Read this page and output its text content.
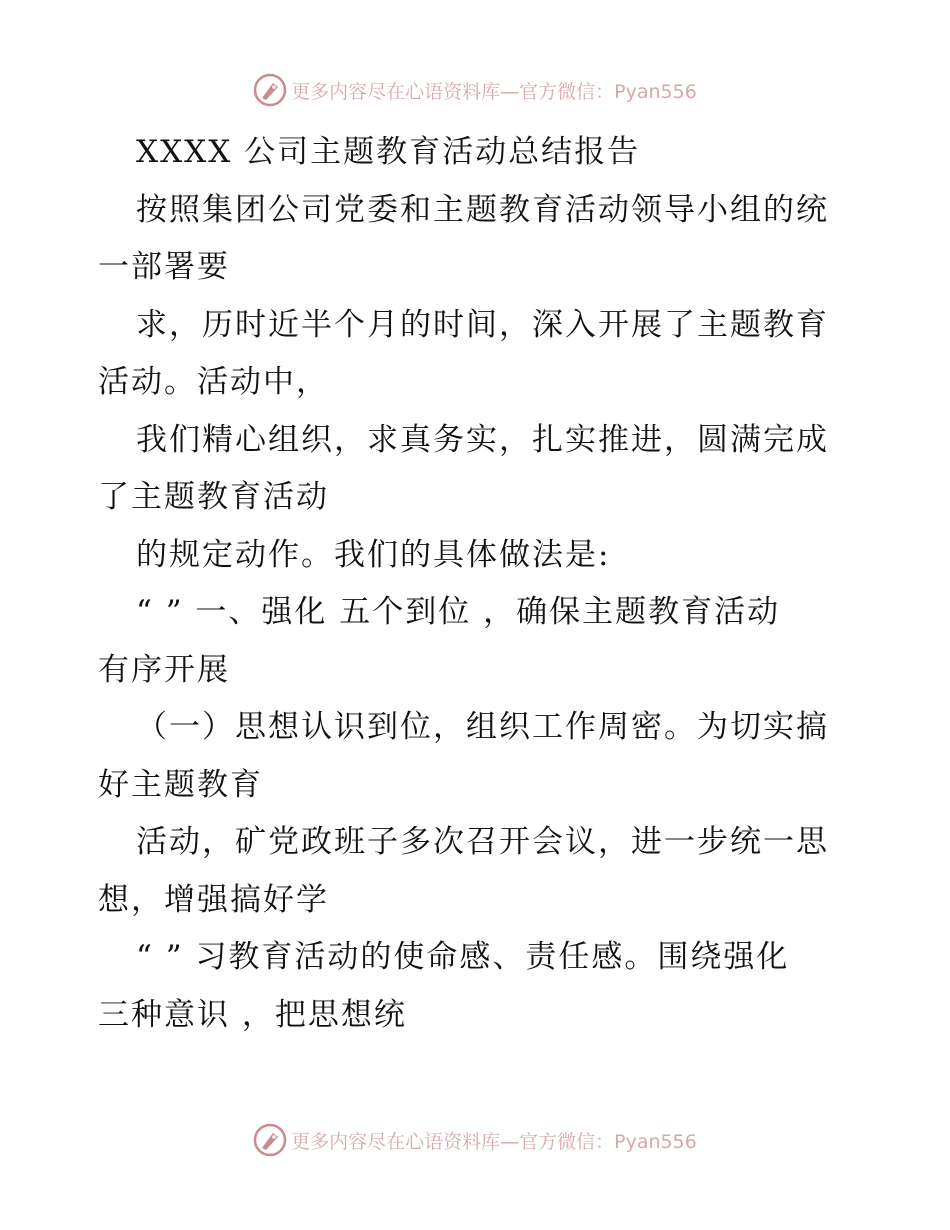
更多内容尽在心语资料库—官方微信：Pyan556
XXXX 公司主题教育活动总结报告
按照集团公司党委和主题教育活动领导小组的统
一部署要
求，历时近半个月的时间，深入开展了主题教育
活动。活动中，
我们精心组织，求真务实，扎实推进，圆满完成
了主题教育活动
的规定动作。我们的具体做法是:
“ ” 一、强化 五个到位 ，确保主题教育活动
有序开展
（一）思想认识到位，组织工作周密。为切实搞
好主题教育
活动，矿党政班子多次召开会议，进一步统一思
想，增强搞好学
“ ” 习教育活动的使命感、责任感。围绕强化
三种意识 ，把思想统
更多内容尽在心语资料库—官方微信：Pyan556
